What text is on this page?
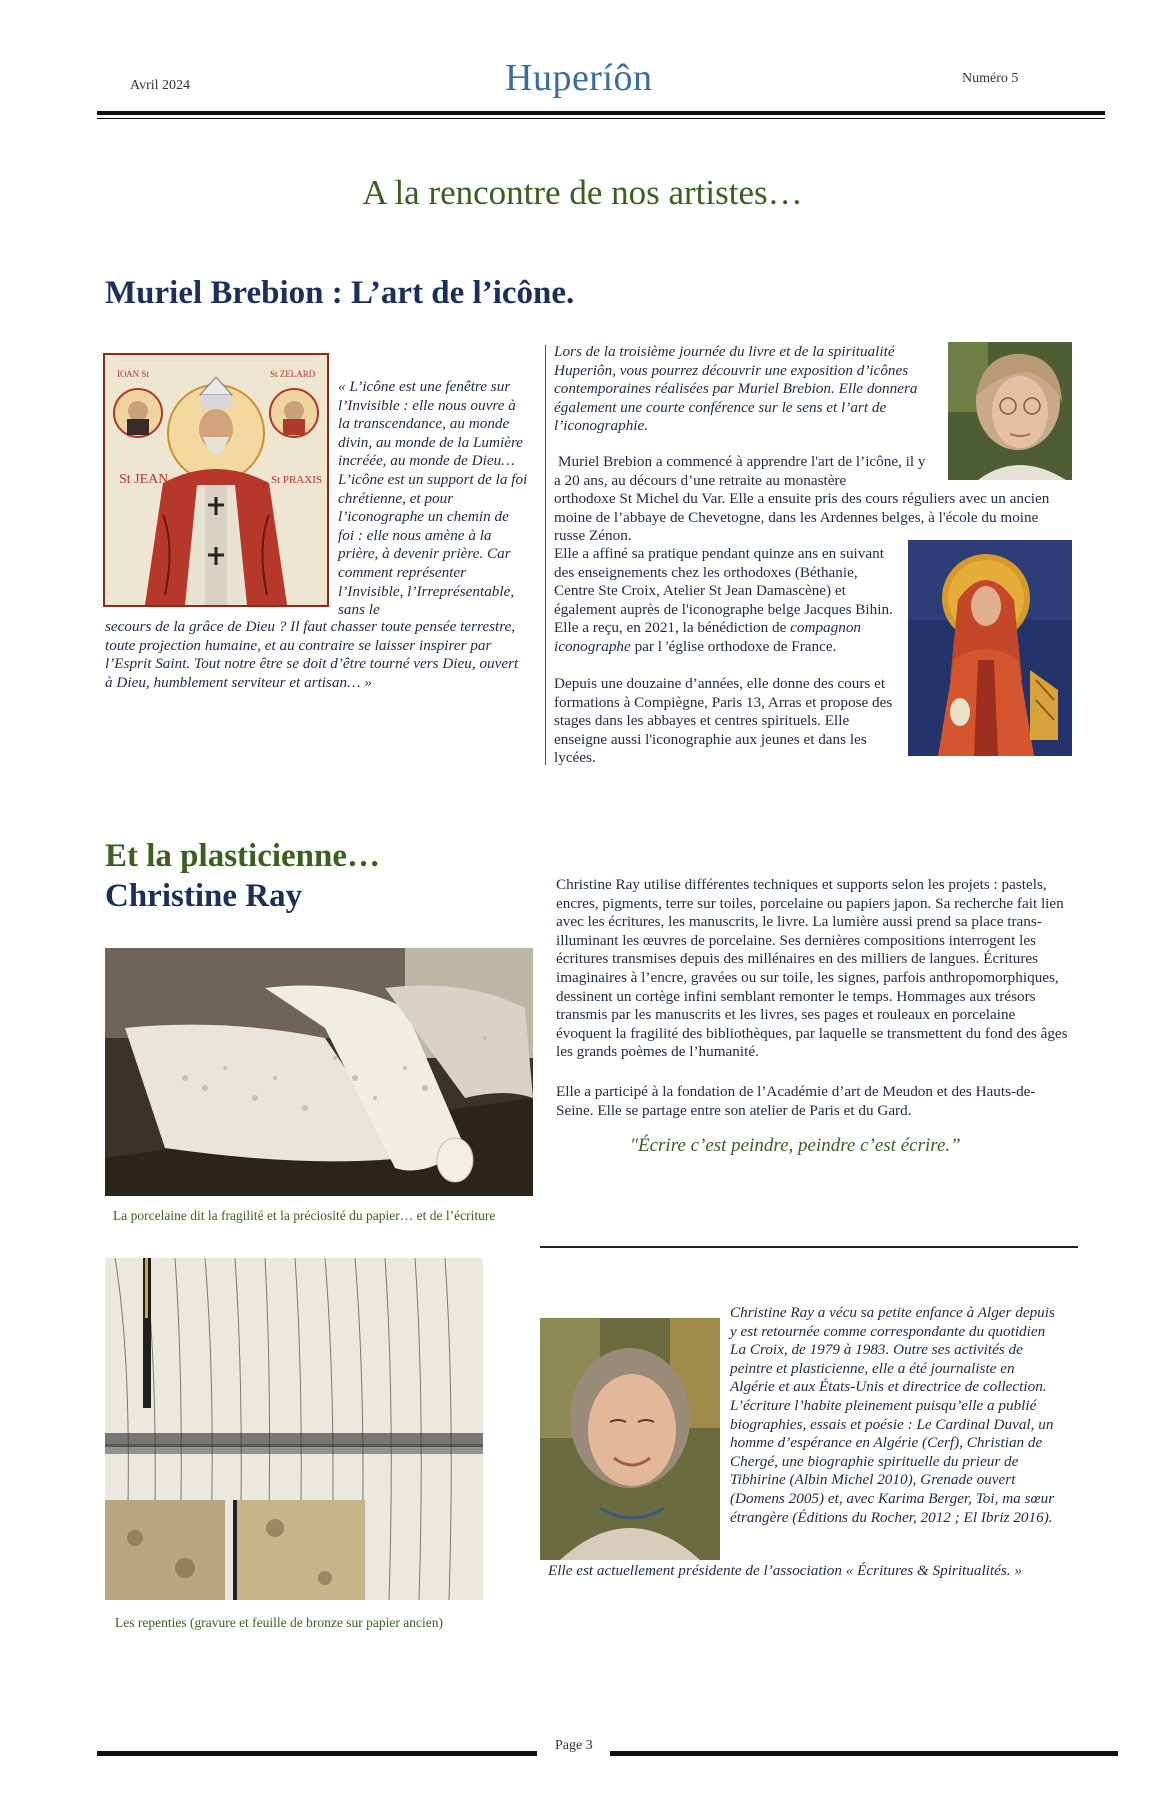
Avril 2024	Huperíôn	Numéro 5
A la rencontre de nos artistes…
Muriel Brebion : L’art de l’icône.
ΙΟΑΝ St	St ZELARD
St JEAN	St PRAXIS
« L’icône est une fenêtre sur l’Invisible : elle nous ouvre à la transcendance, au monde divin, au monde de la Lumière incréée, au monde de Dieu… L’icône est un support de la foi chrétienne, et pour l’iconographe un chemin de foi : elle nous amène à la prière, à devenir prière. Car comment représenter l’Invisible, l’Irreprésentable, sans le
secours de la grâce de Dieu ? Il faut chasser toute pensée terrestre, toute projection humaine, et au contraire se laisser inspirer par l’Esprit Saint. Tout notre être se doit d’être tourné vers Dieu, ouvert à Dieu, humblement serviteur et artisan… »
Lors de la troisième journée du livre et de la spiritualité Huperiôn, vous pourrez découvrir une exposition d’icônes contemporaines réalisées par Muriel Brebion. Elle donnera également une courte conférence sur le sens et l’art de l’iconographie.
Muriel Brebion a commencé à apprendre l'art de l’icône, il y a 20 ans, au décours d’une retraite au monastère
orthodoxe St Michel du Var. Elle a ensuite pris des cours réguliers avec un ancien moine de l’abbaye de Chevetogne, dans les Ardennes belges, à l'école du moine russe Zénon.
Elle a affiné sa pratique pendant quinze ans en suivant des enseignements chez les orthodoxes (Béthanie, Centre Ste Croix, Atelier St Jean Damascène) et également auprès de l'iconographe belge Jacques Bihin. Elle a reçu, en 2021, la bénédiction de compagnon iconographe par l 'église orthodoxe de France.
Depuis une douzaine d’années, elle donne des cours et formations à Compiègne, Paris 13, Arras et propose des stages dans les abbayes et centres spirituels. Elle enseigne aussi l'iconographie aux jeunes et dans les lycées.
Et la plasticienne…
Christine Ray
La porcelaine dit la fragilité et la préciosité du papier… et de l’écriture
Christine Ray utilise différentes techniques et supports selon les projets : pastels, encres, pigments, terre sur toiles, porcelaine ou papiers japon. Sa recherche fait lien avec les écritures, les manuscrits, le livre. La lumière aussi prend sa place trans-illuminant les œuvres de porcelaine. Ses dernières compositions interrogent les écritures transmises depuis des millénaires en des milliers de langues. Écritures imaginaires à l’encre, gravées ou sur toile, les signes, parfois anthropomorphiques, dessinent un cortège infini semblant remonter le temps. Hommages aux trésors transmis par les manuscrits et les livres, ses pages et rouleaux en porcelaine évoquent la fragilité des bibliothèques, par laquelle se transmettent du fond des âges les grands poèmes de l’humanité.
Elle a participé à la fondation de l’Académie d’art de Meudon et des Hauts-de-Seine. Elle se partage entre son atelier de Paris et du Gard.
"Écrire c’est peindre, peindre c’est écrire.”
Les repenties (gravure et feuille de bronze sur papier ancien)
Christine Ray a vécu sa petite enfance à Alger depuis y est retournée comme correspondante du quotidien La Croix, de 1979 à 1983. Outre ses activités de peintre et plasticienne, elle a été journaliste en Algérie et aux États-Unis et directrice de collection. L’écriture l’habite pleinement puisqu’elle a publié biographies, essais et poésie : Le Cardinal Duval, un homme d’espérance en Algérie (Cerf), Christian de Chergé, une biographie spirituelle du prieur de Tibhirine (Albin Michel 2010), Grenade ouvert (Domens 2005) et, avec Karima Berger, Toi, ma sœur étrangère (Éditions du Rocher, 2012 ; El Ibriz 2016).
Elle est actuellement présidente de l’association « Écritures & Spiritualités. »
Page 3
